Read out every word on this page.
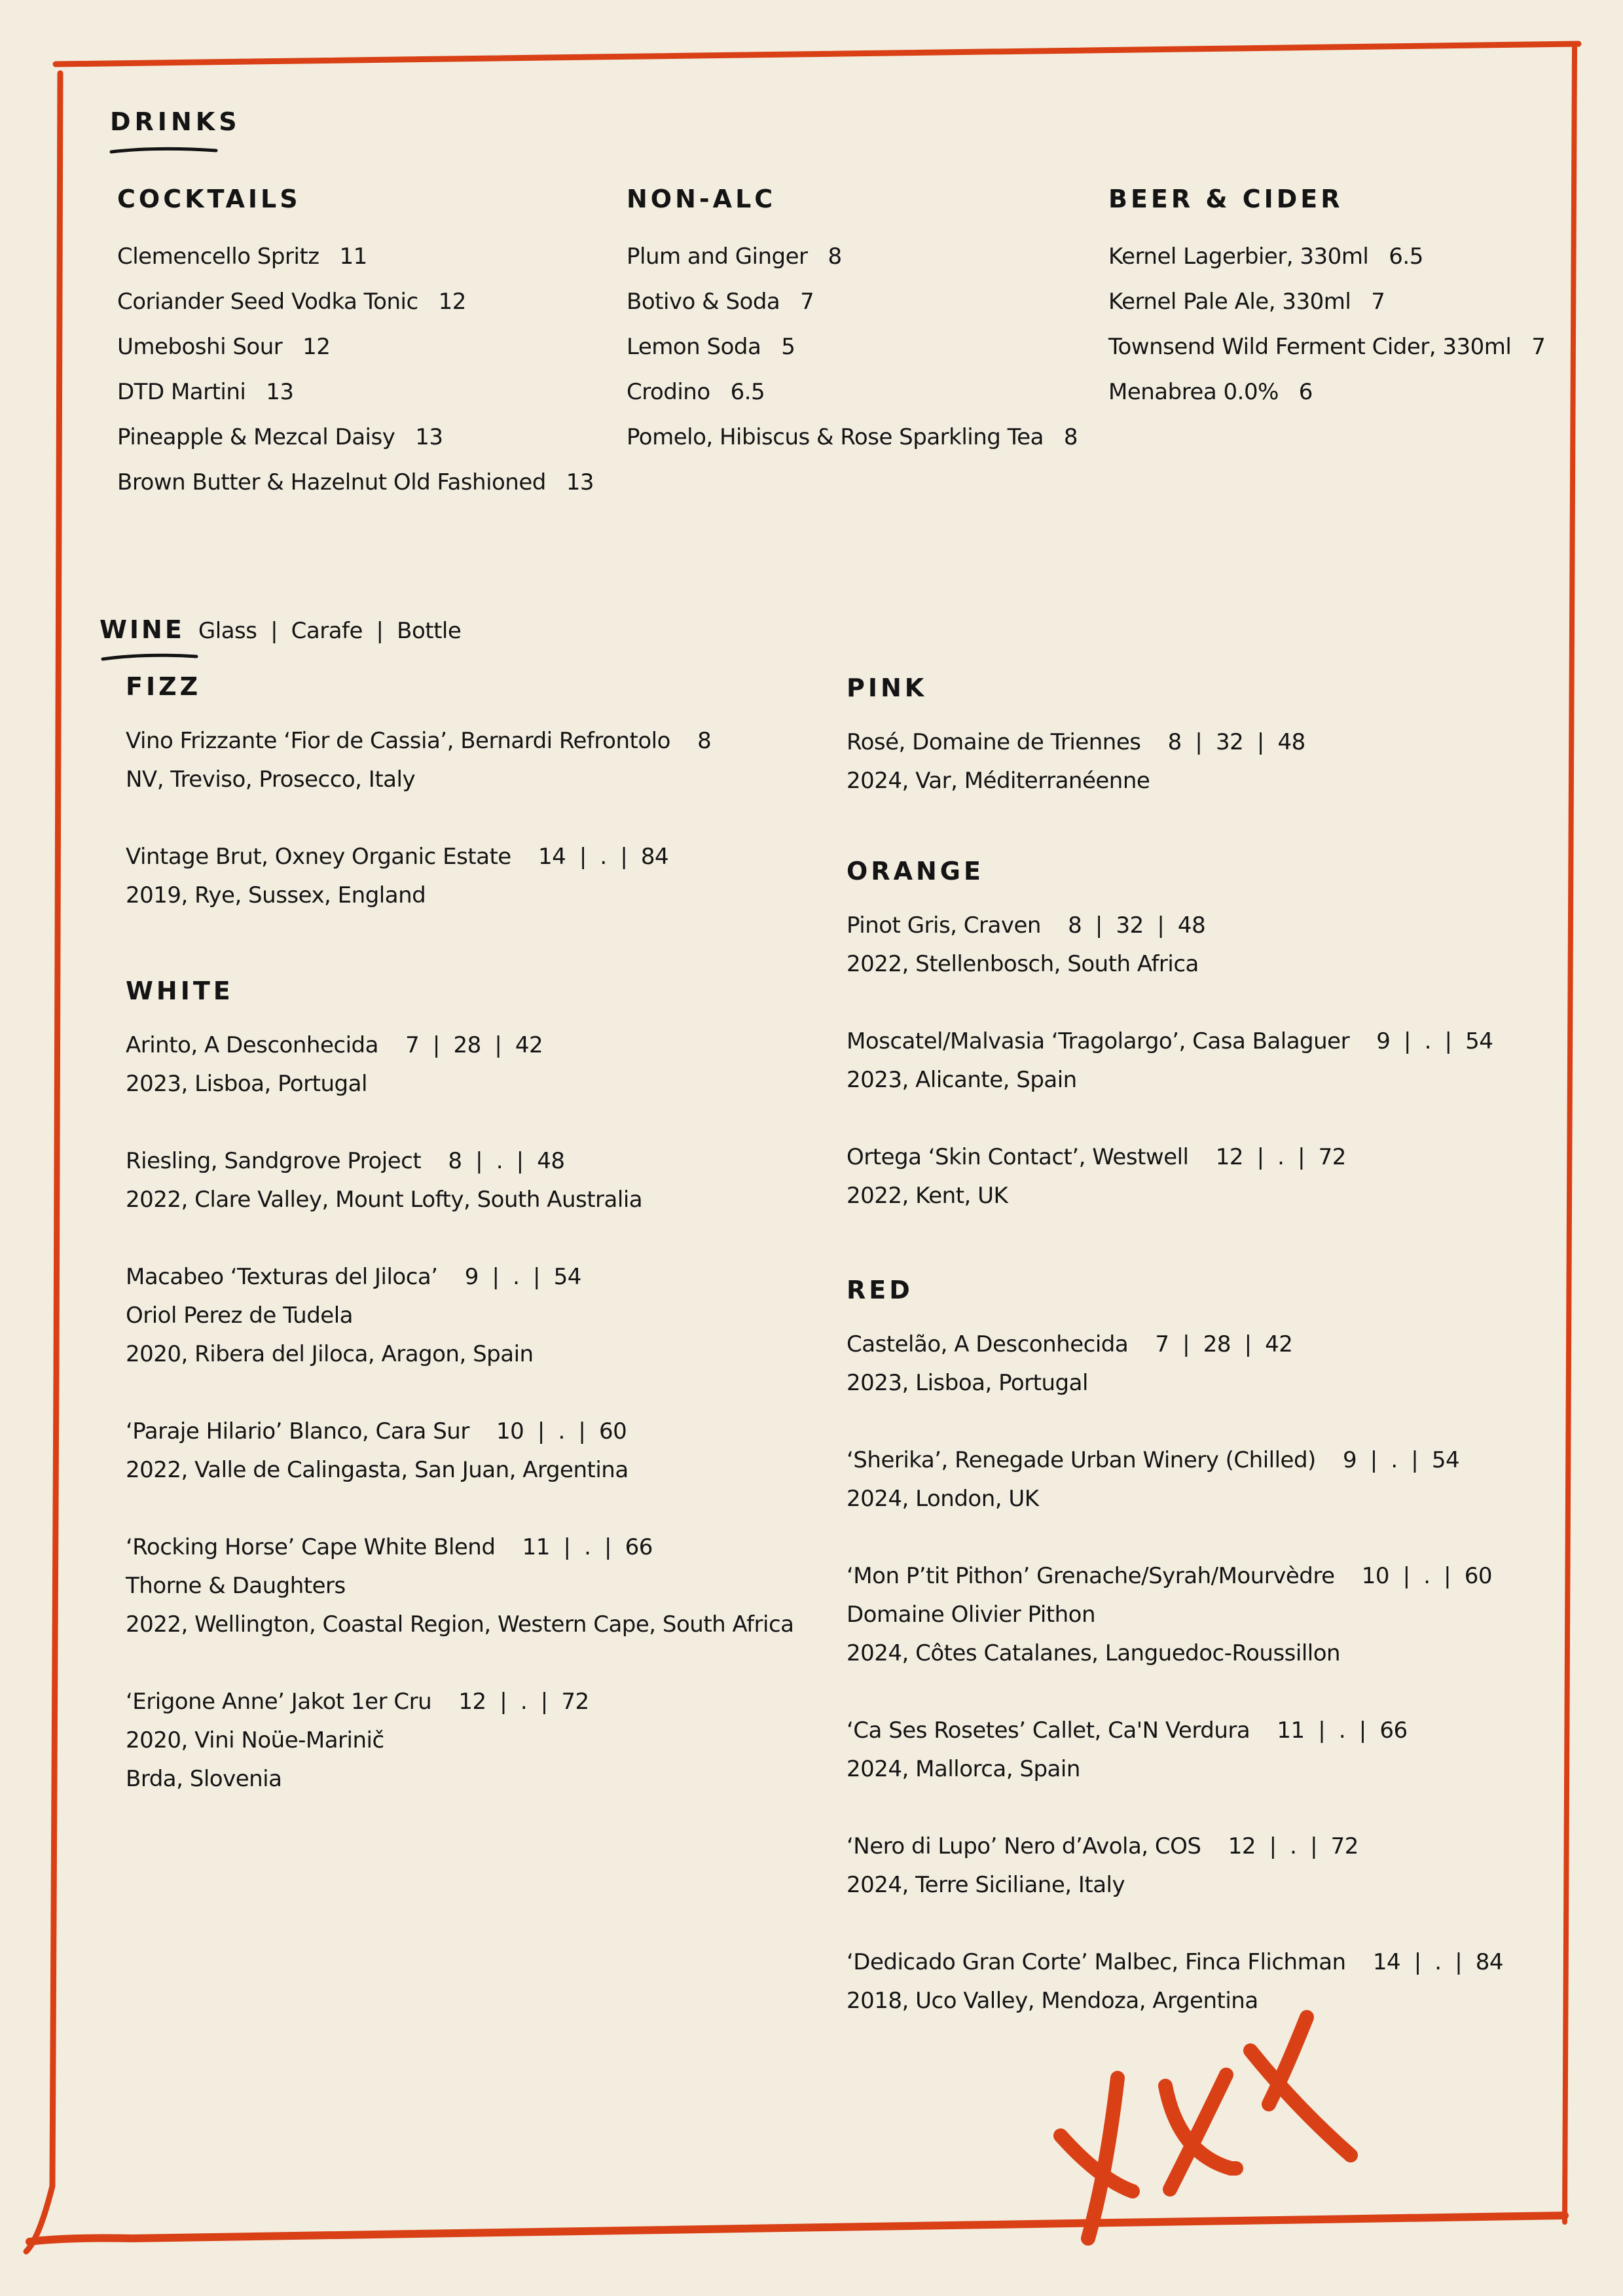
DRINKS
COCKTAILS
Clemencello Spritz   11
Coriander Seed Vodka Tonic   12
Umeboshi Sour   12
DTD Martini   13
Pineapple & Mezcal Daisy   13
Brown Butter & Hazelnut Old Fashioned   13
NON-ALC
Plum and Ginger   8
Botivo & Soda   7
Lemon Soda   5
Crodino   6.5
Pomelo, Hibiscus & Rose Sparkling Tea   8
BEER & CIDER
Kernel Lagerbier, 330ml   6.5
Kernel Pale Ale, 330ml   7
Townsend Wild Ferment Cider, 330ml   7
Menabrea 0.0%   6
WINE Glass  |  Carafe  |  Bottle
FIZZ
Vino Frizzante ‘Fior de Cassia’, Bernardi Refrontolo    8
NV, Treviso, Prosecco, Italy
Vintage Brut, Oxney Organic Estate    14  |  .  |  84
2019, Rye, Sussex, England
WHITE
Arinto, A Desconhecida    7  |  28  |  42
2023, Lisboa, Portugal
Riesling, Sandgrove Project    8  |  .  |  48
2022, Clare Valley, Mount Lofty, South Australia
Macabeo ‘Texturas del Jiloca’    9  |  .  |  54
Oriol Perez de Tudela
2020, Ribera del Jiloca, Aragon, Spain
‘Paraje Hilario’ Blanco, Cara Sur    10  |  .  |  60
2022, Valle de Calingasta, San Juan, Argentina
‘Rocking Horse’ Cape White Blend    11  |  .  |  66
Thorne & Daughters
2022, Wellington, Coastal Region, Western Cape, South Africa
‘Erigone Anne’ Jakot 1er Cru    12  |  .  |  72
2020, Vini Noüe-Marinič
Brda, Slovenia
PINK
Rosé, Domaine de Triennes    8  |  32  |  48
2024, Var, Méditerranéenne
ORANGE
Pinot Gris, Craven    8  |  32  |  48
2022, Stellenbosch, South Africa
Moscatel/Malvasia ‘Tragolargo’, Casa Balaguer    9  |  .  |  54
2023, Alicante, Spain
Ortega ‘Skin Contact’, Westwell    12  |  .  |  72
2022, Kent, UK
RED
Castelão, A Desconhecida    7  |  28  |  42
2023, Lisboa, Portugal
‘Sherika’, Renegade Urban Winery (Chilled)    9  |  .  |  54
2024, London, UK
‘Mon P’tit Pithon’ Grenache/Syrah/Mourvèdre    10  |  .  |  60
Domaine Olivier Pithon
2024, Côtes Catalanes, Languedoc-Roussillon
‘Ca Ses Rosetes’ Callet, Ca'N Verdura    11  |  .  |  66
2024, Mallorca, Spain
‘Nero di Lupo’ Nero d’Avola, COS    12  |  .  |  72
2024, Terre Siciliane, Italy
‘Dedicado Gran Corte’ Malbec, Finca Flichman    14  |  .  |  84
2018, Uco Valley, Mendoza, Argentina
